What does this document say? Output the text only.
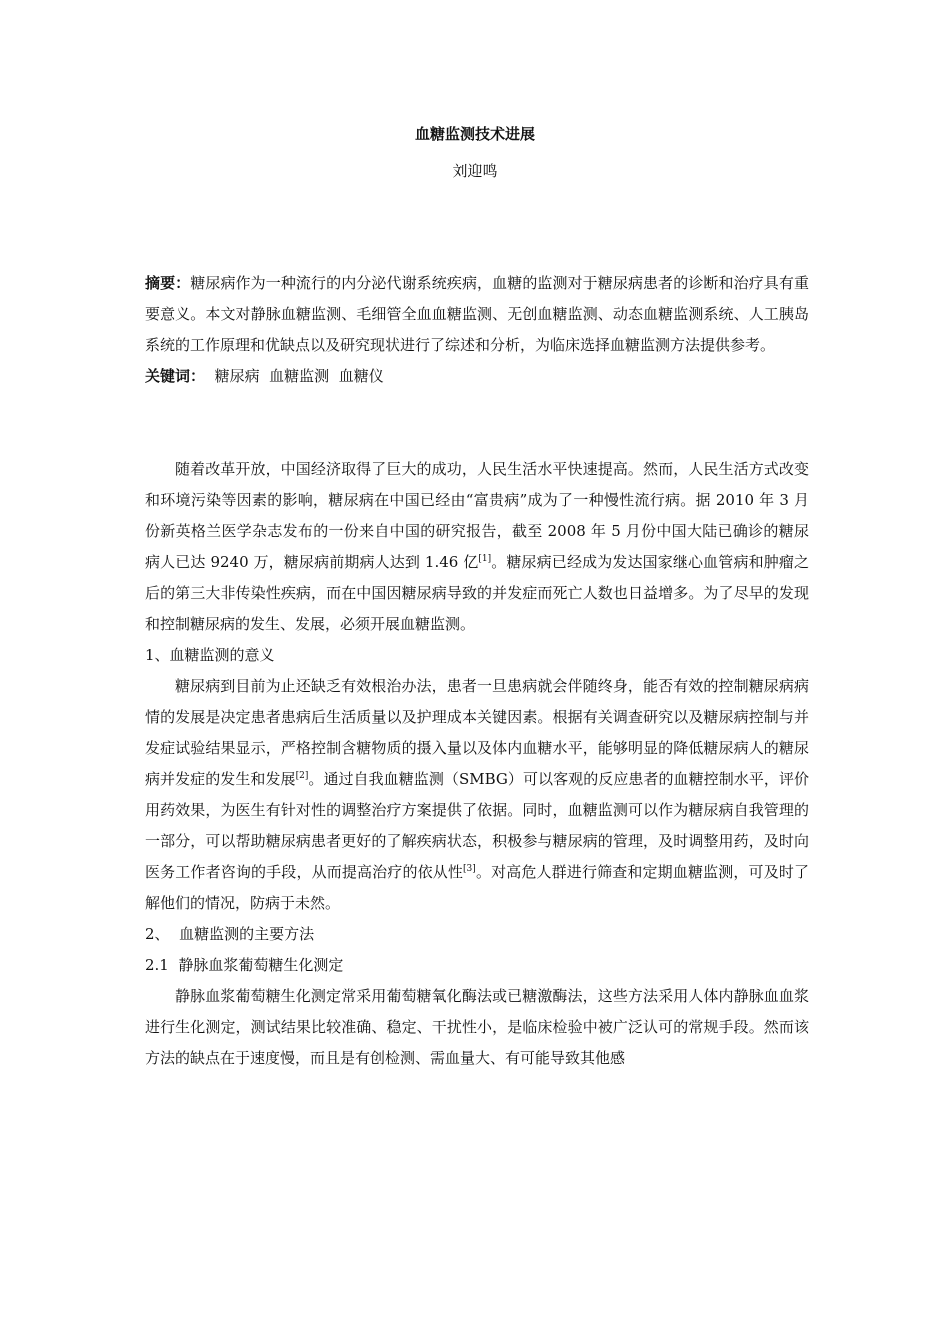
血糖监测技术进展
刘迎鸣

摘要：糖尿病作为一种流行的内分泌代谢系统疾病，血糖的监测对于糖尿病患者的诊断和治疗具有重要意义。本文对静脉血糖监测、毛细管全血血糖监测、无创血糖监测、动态血糖监测系统、人工胰岛系统的工作原理和优缺点以及研究现状进行了综述和分析，为临床选择血糖监测方法提供参考。

关键词： 糖尿病 血糖监测 血糖仪

随着改革开放，中国经济取得了巨大的成功，人民生活水平快速提高。然而，人民生活方式改变和环境污染等因素的影响，糖尿病在中国已经由“富贵病”成为了一种慢性流行病。据 2010 年 3 月份新英格兰医学杂志发布的一份来自中国的研究报告，截至 2008 年 5 月份中国大陆已确诊的糖尿病人已达 9240 万，糖尿病前期病人达到 1.46 亿[1]。糖尿病已经成为发达国家继心血管病和肿瘤之后的第三大非传染性疾病，而在中国因糖尿病导致的并发症而死亡人数也日益增多。为了尽早的发现和控制糖尿病的发生、发展，必须开展血糖监测。

1、血糖监测的意义

糖尿病到目前为止还缺乏有效根治办法，患者一旦患病就会伴随终身，能否有效的控制糖尿病病情的发展是决定患者患病后生活质量以及护理成本关键因素。根据有关调查研究以及糖尿病控制与并发症试验结果显示，严格控制含糖物质的摄入量以及体内血糖水平，能够明显的降低糖尿病人的糖尿病并发症的发生和发展[2]。通过自我血糖监测（SMBG）可以客观的反应患者的血糖控制水平，评价用药效果，为医生有针对性的调整治疗方案提供了依据。同时，血糖监测可以作为糖尿病自我管理的一部分，可以帮助糖尿病患者更好的了解疾病状态，积极参与糖尿病的管理，及时调整用药，及时向医务工作者咨询的手段，从而提高治疗的依从性[3]。对高危人群进行筛查和定期血糖监测，可及时了解他们的情况，防病于未然。

2、  血糖监测的主要方法

2.1  静脉血浆葡萄糖生化测定

静脉血浆葡萄糖生化测定常采用葡萄糖氧化酶法或已糖激酶法，这些方法采用人体内静脉血血浆进行生化测定，测试结果比较准确、稳定、干扰性小，是临床检验中被广泛认可的常规手段。然而该方法的缺点在于速度慢，而且是有创检测、需血量大、有可能导致其他感
